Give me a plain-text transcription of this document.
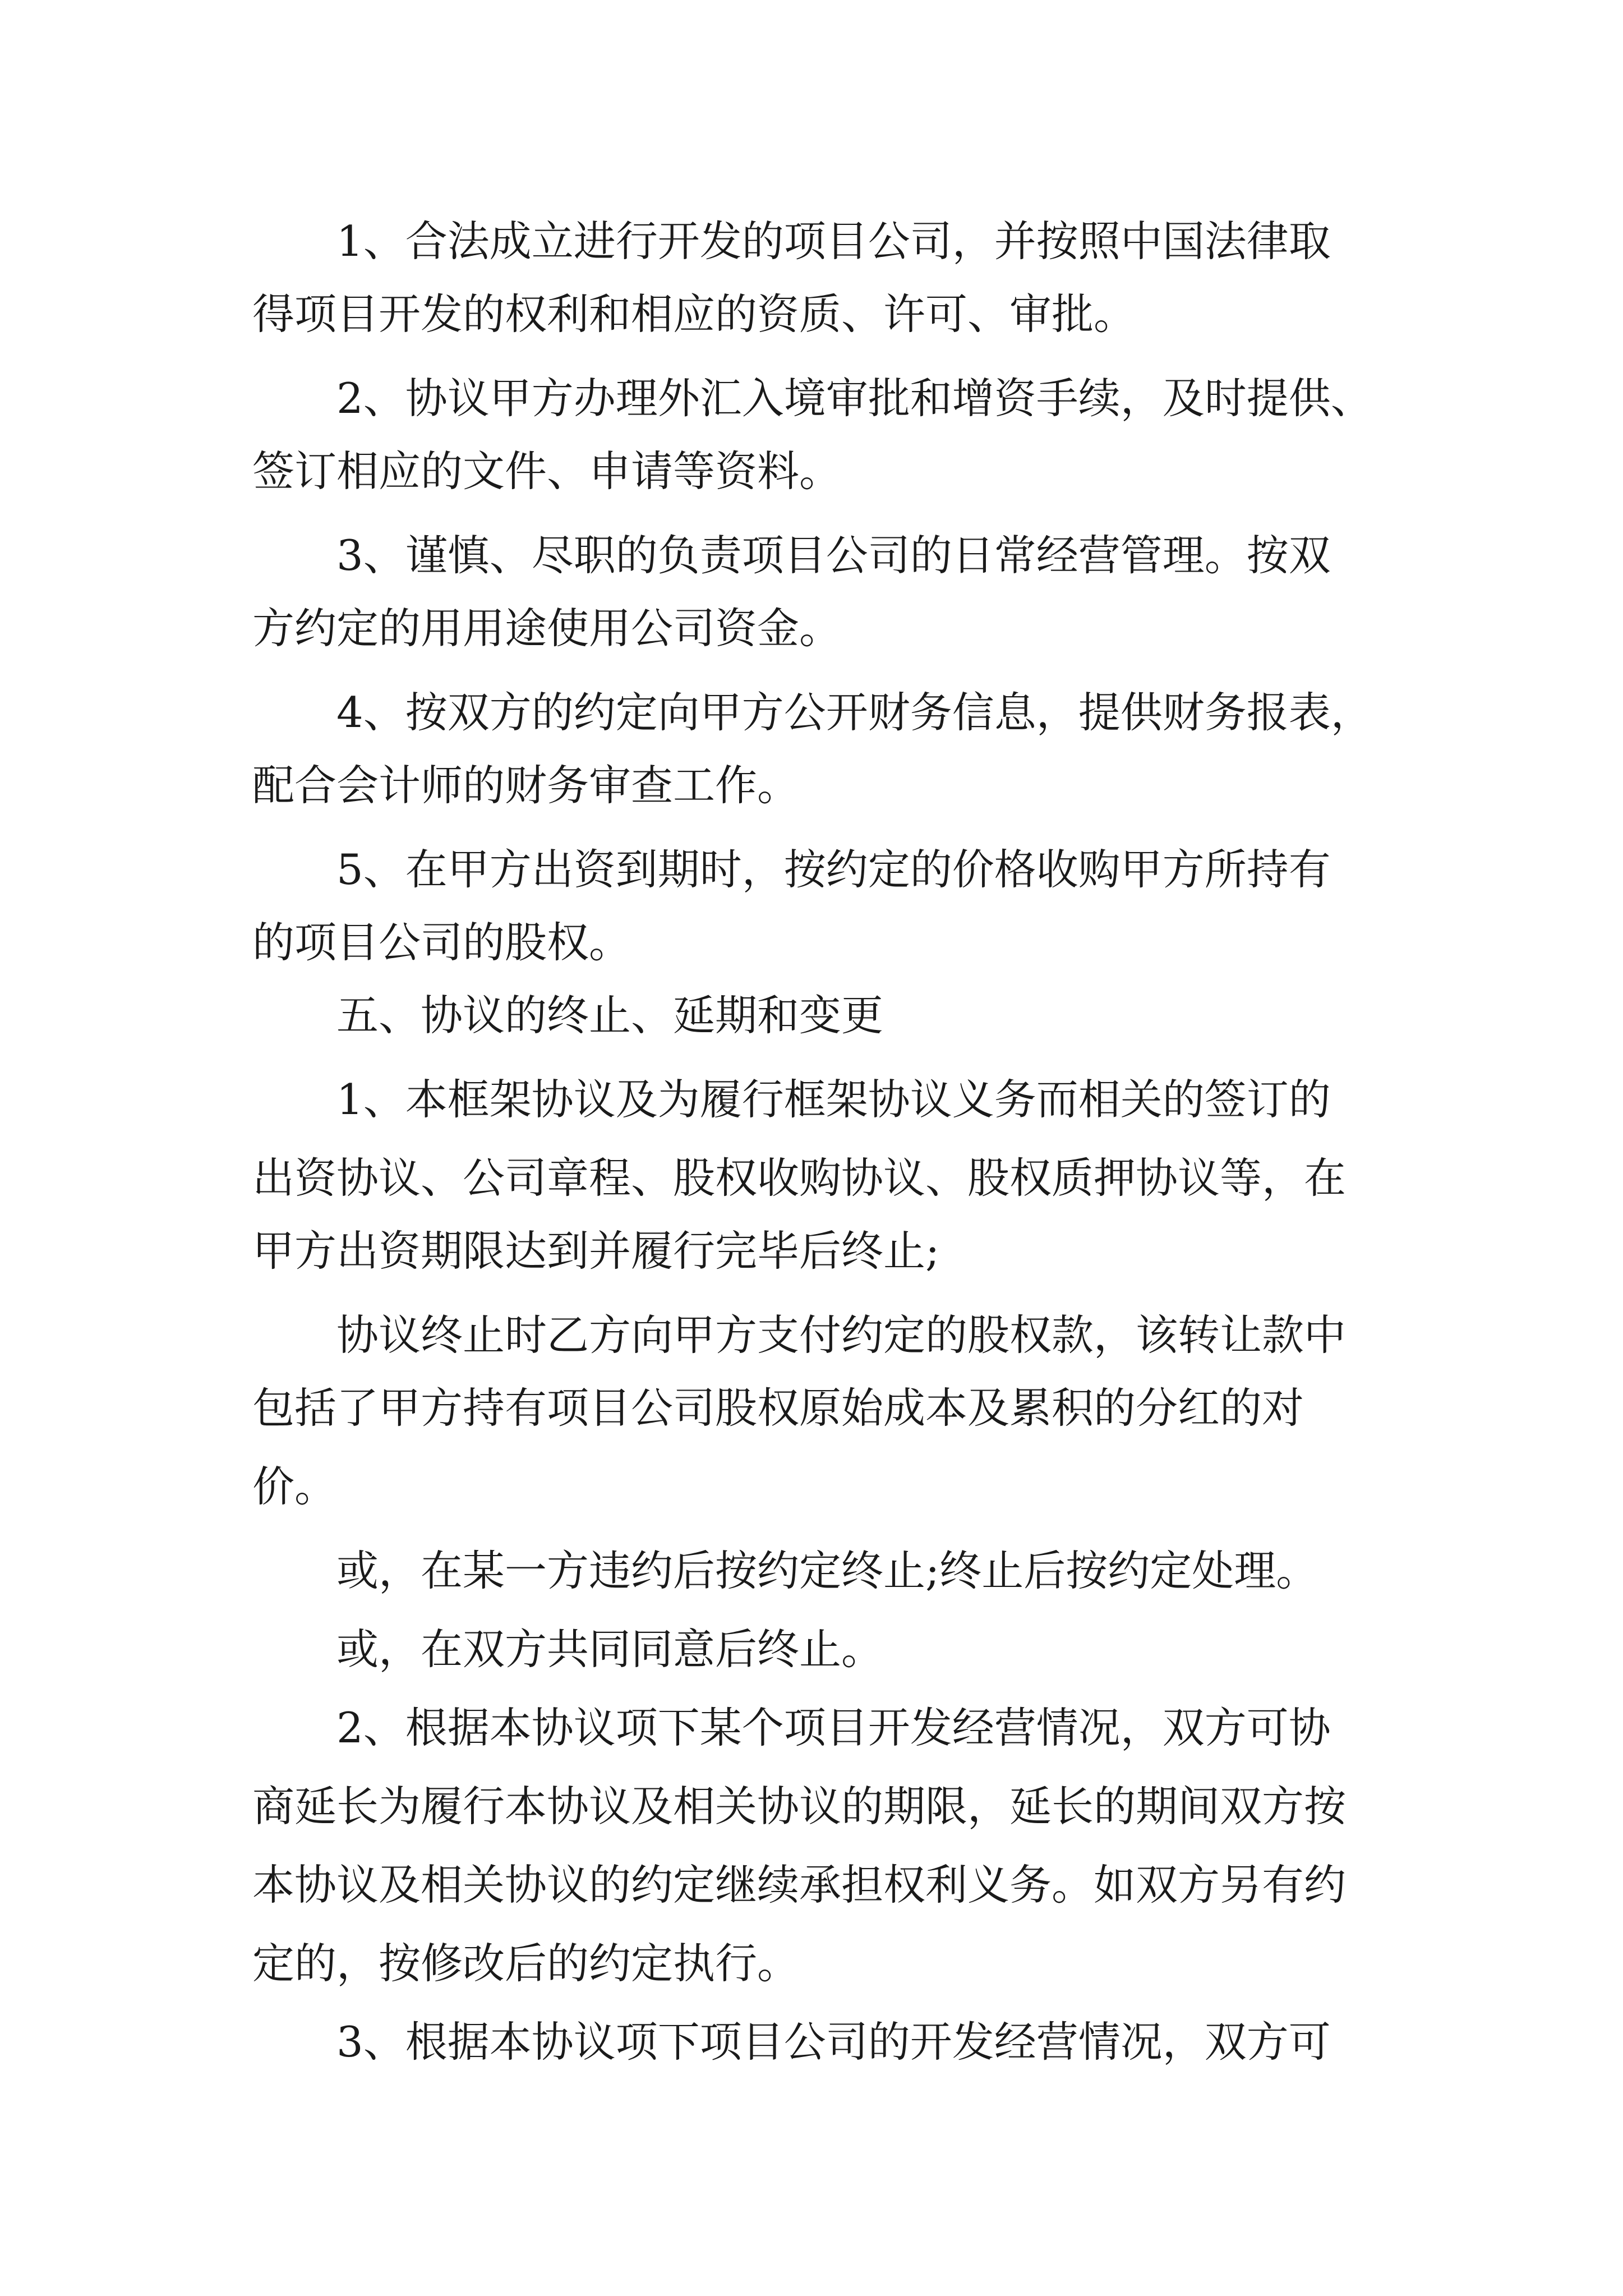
1、合法成立进行开发的项目公司，并按照中国法律取

得项目开发的权利和相应的资质、许可、审批。

2、协议甲方办理外汇入境审批和增资手续，及时提供、

签订相应的文件、申请等资料。

3、谨慎、尽职的负责项目公司的日常经营管理。按双

方约定的用用途使用公司资金。

4、按双方的约定向甲方公开财务信息，提供财务报表，

配合会计师的财务审查工作。

5、在甲方出资到期时，按约定的价格收购甲方所持有

的项目公司的股权。

五、协议的终止、延期和变更

1、本框架协议及为履行框架协议义务而相关的签订的

出资协议、公司章程、股权收购协议、股权质押协议等，在

甲方出资期限达到并履行完毕后终止;

协议终止时乙方向甲方支付约定的股权款，该转让款中

包括了甲方持有项目公司股权原始成本及累积的分红的对

价。

或，在某一方违约后按约定终止;终止后按约定处理。

或，在双方共同同意后终止。

2、根据本协议项下某个项目开发经营情况，双方可协

商延长为履行本协议及相关协议的期限，延长的期间双方按

本协议及相关协议的约定继续承担权利义务。如双方另有约

定的，按修改后的约定执行。

3、根据本协议项下项目公司的开发经营情况，双方可
